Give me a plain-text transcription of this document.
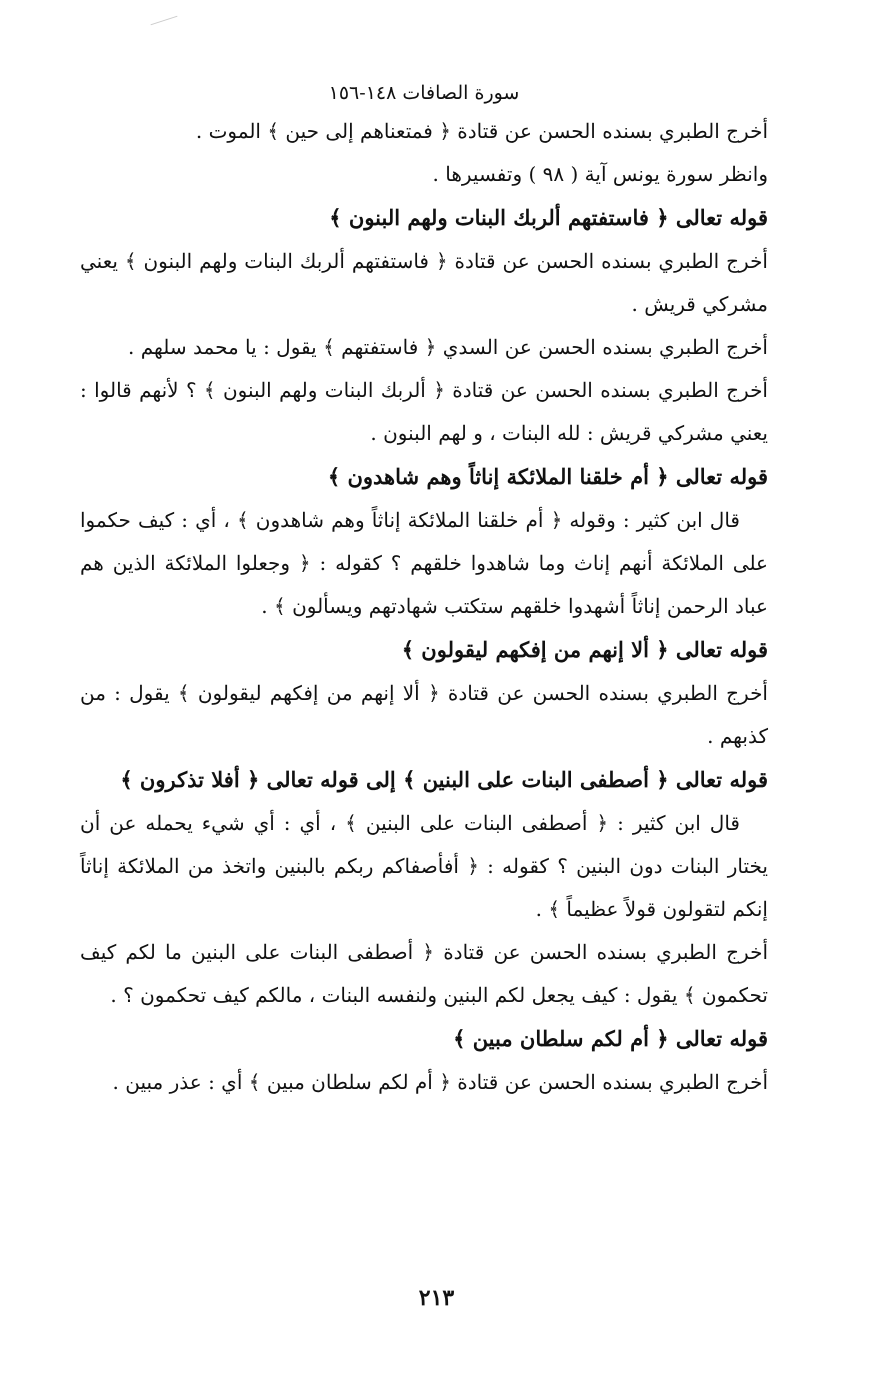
سورة الصافات ١٤٨-١٥٦

أخرج الطبري بسنده الحسن عن قتادة ﴿ فمتعناهم إلى حين ﴾ الموت .

وانظر سورة يونس آية ( ٩٨ ) وتفسيرها .

قوله تعالى ﴿ فاستفتهم ألربك البنات ولهم البنون ﴾

أخرج الطبري بسنده الحسن عن قتادة ﴿ فاستفتهم ألربك البنات ولهم البنون ﴾ يعني مشركي قريش .

أخرج الطبري بسنده الحسن عن السدي ﴿ فاستفتهم ﴾ يقول : يا محمد سلهم .

أخرج الطبري بسنده الحسن عن قتادة ﴿ ألربك البنات ولهم البنون ﴾ ؟ لأنهم قالوا : يعني مشركي قريش : لله البنات ، و لهم البنون .

قوله تعالى ﴿ أم خلقنا الملائكة إناثاً وهم شاهدون ﴾

قال ابن كثير : وقوله ﴿ أم خلقنا الملائكة إناثاً وهم شاهدون ﴾ ، أي : كيف حكموا على الملائكة أنهم إناث وما شاهدوا خلقهم ؟ كقوله : ﴿ وجعلوا الملائكة الذين هم عباد الرحمن إناثاً أشهدوا خلقهم ستكتب شهادتهم ويسألون ﴾ .

قوله تعالى ﴿ ألا إنهم من إفكهم ليقولون ﴾

أخرج الطبري بسنده الحسن عن قتادة ﴿ ألا إنهم من إفكهم ليقولون ﴾ يقول : من كذبهم .

قوله تعالى ﴿ أصطفى البنات على البنين ﴾ إلى قوله تعالى ﴿ أفلا تذكرون ﴾

قال ابن كثير : ﴿ أصطفى البنات على البنين ﴾ ، أي : أي شيء يحمله عن أن يختار البنات دون البنين ؟ كقوله : ﴿ أفأصفاكم ربكم بالبنين واتخذ من الملائكة إناثاً إنكم لتقولون قولاً عظيماً ﴾ .

أخرج الطبري بسنده الحسن عن قتادة ﴿ أصطفى البنات على البنين ما لكم كيف تحكمون ﴾ يقول : كيف يجعل لكم البنين ولنفسه البنات ، مالكم كيف تحكمون ؟ .

قوله تعالى ﴿ أم لكم سلطان مبين ﴾

أخرج الطبري بسنده الحسن عن قتادة ﴿ أم لكم سلطان مبين ﴾ أي : عذر مبين .

٢١٣
